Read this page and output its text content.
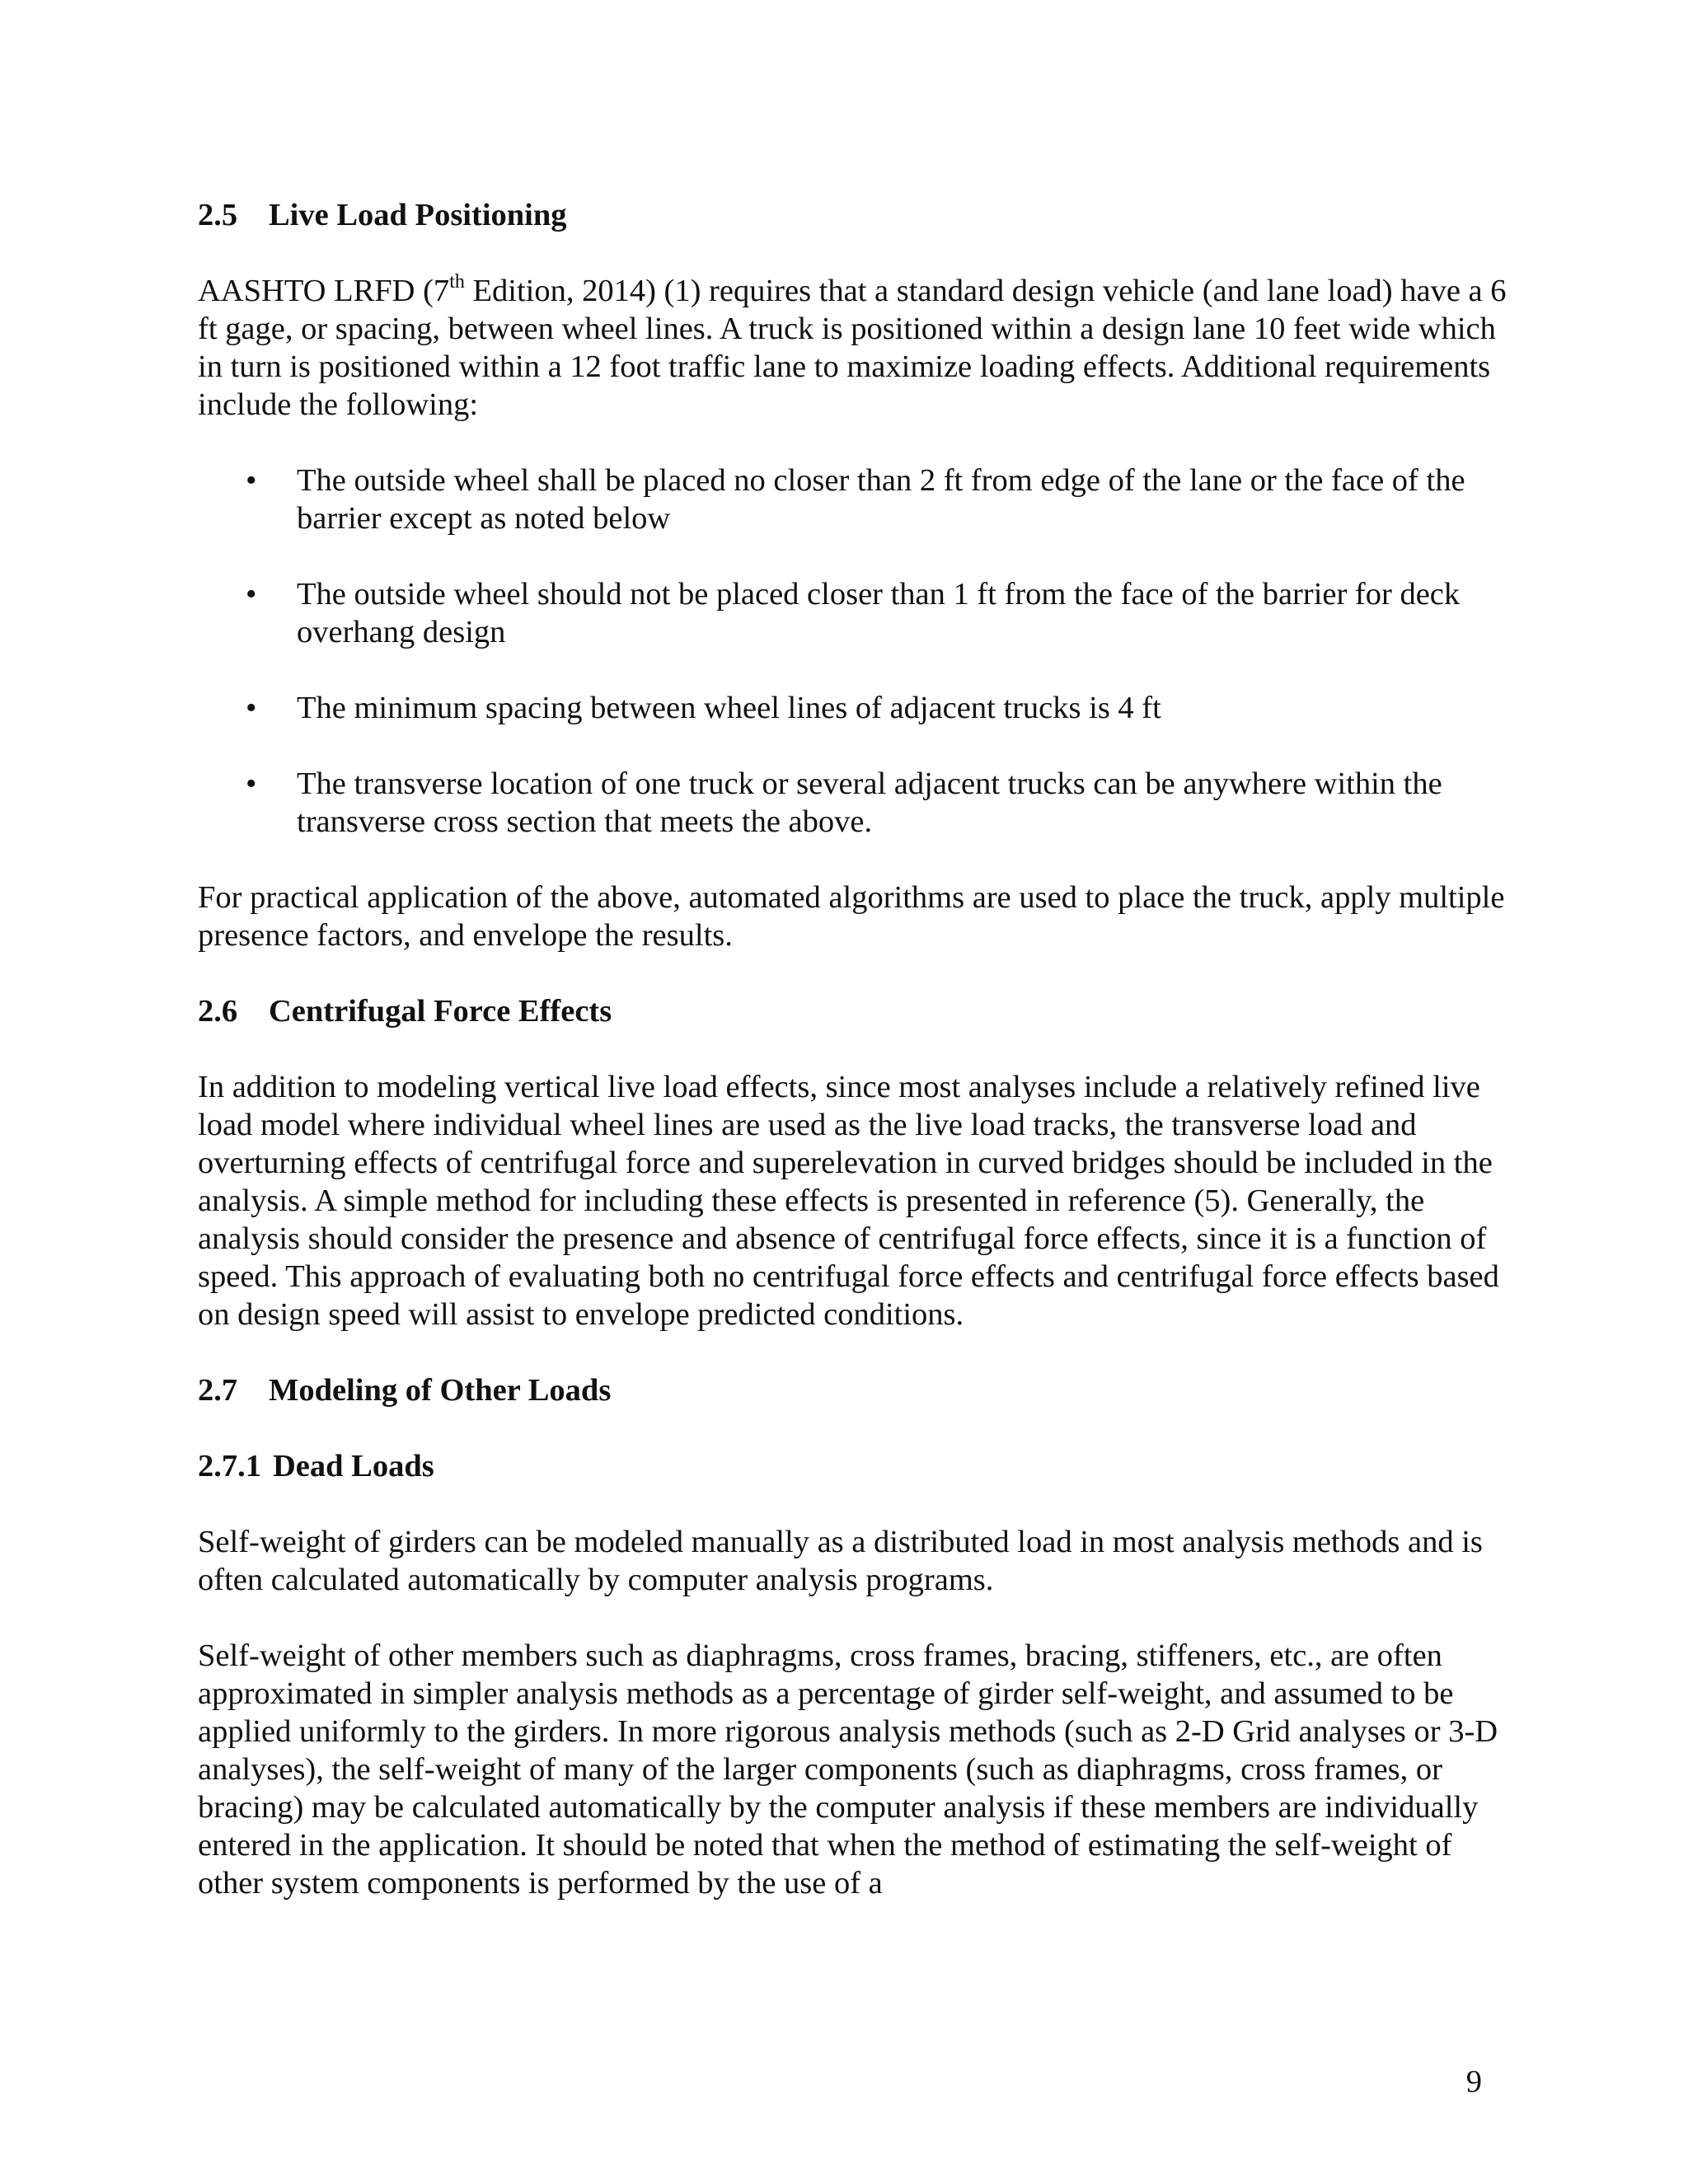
2.5 Live Load Positioning

AASHTO LRFD (7th Edition, 2014) (1) requires that a standard design vehicle (and lane load) have a 6 ft gage, or spacing, between wheel lines. A truck is positioned within a design lane 10 feet wide which in turn is positioned within a 12 foot traffic lane to maximize loading effects. Additional requirements include the following:

• The outside wheel shall be placed no closer than 2 ft from edge of the lane or the face of the barrier except as noted below
• The outside wheel should not be placed closer than 1 ft from the face of the barrier for deck overhang design
• The minimum spacing between wheel lines of adjacent trucks is 4 ft
• The transverse location of one truck or several adjacent trucks can be anywhere within the transverse cross section that meets the above.

For practical application of the above, automated algorithms are used to place the truck, apply multiple presence factors, and envelope the results.

2.6 Centrifugal Force Effects

In addition to modeling vertical live load effects, since most analyses include a relatively refined live load model where individual wheel lines are used as the live load tracks, the transverse load and overturning effects of centrifugal force and superelevation in curved bridges should be included in the analysis. A simple method for including these effects is presented in reference (5). Generally, the analysis should consider the presence and absence of centrifugal force effects, since it is a function of speed. This approach of evaluating both no centrifugal force effects and centrifugal force effects based on design speed will assist to envelope predicted conditions.

2.7 Modeling of Other Loads
2.7.1 Dead Loads

Self-weight of girders can be modeled manually as a distributed load in most analysis methods and is often calculated automatically by computer analysis programs.

Self-weight of other members such as diaphragms, cross frames, bracing, stiffeners, etc., are often approximated in simpler analysis methods as a percentage of girder self-weight, and assumed to be applied uniformly to the girders. In more rigorous analysis methods (such as 2-D Grid analyses or 3-D analyses), the self-weight of many of the larger components (such as diaphragms, cross frames, or bracing) may be calculated automatically by the computer analysis if these members are individually entered in the application. It should be noted that when the method of estimating the self-weight of other system components is performed by the use of a

9
